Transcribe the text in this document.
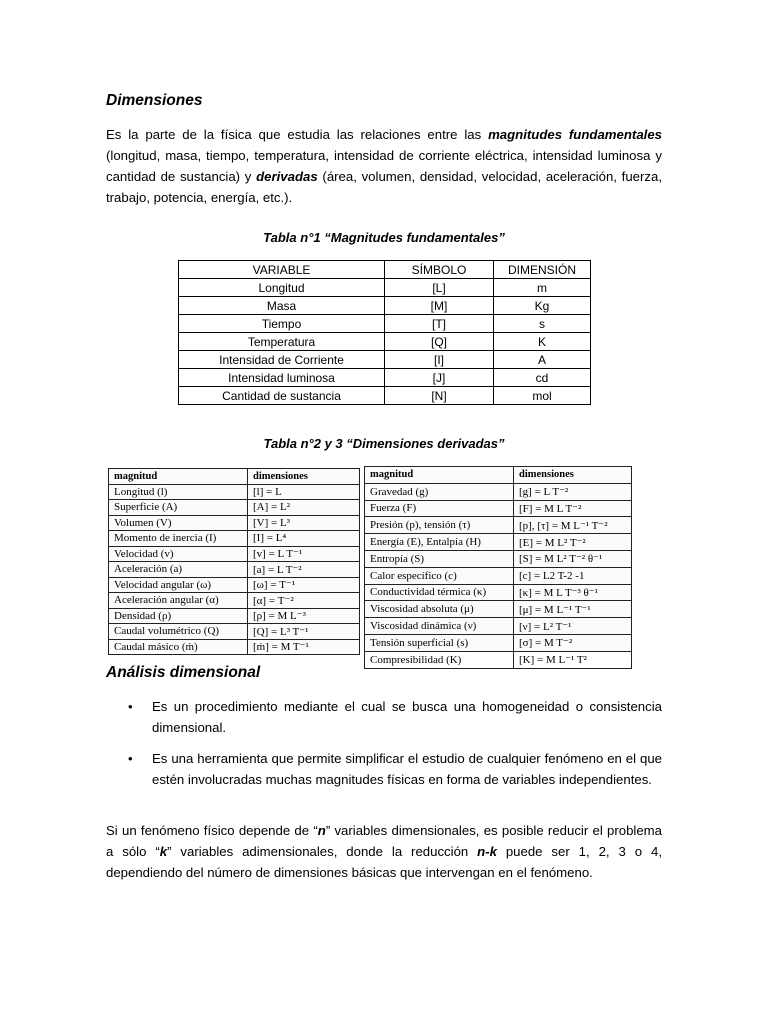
Dimensiones

Es la parte de la física que estudia las relaciones entre las magnitudes fundamentales (longitud, masa, tiempo, temperatura, intensidad de corriente eléctrica, intensidad luminosa y cantidad de sustancia) y derivadas (área, volumen, densidad, velocidad, aceleración, fuerza, trabajo, potencia, energía, etc.).

Tabla n°1 “Magnitudes fundamentales”
VARIABLE	SÍMBOLO	DIMENSIÓN
Longitud	[L]	m
Masa	[M]	Kg
Tiempo	[T]	s
Temperatura	[Q]	K
Intensidad de Corriente	[I]	A
Intensidad luminosa	[J]	cd
Cantidad de sustancia	[N]	mol
Tabla n°2 y 3 “Dimensiones derivadas”
magnitud	dimensiones
Longitud (l)	[l] = L
Superficie (A)	[A] = L²
Volumen (V)	[V] = L³
Momento de inercia (I)	[I] = L⁴
Velocidad (v)	[v] = L T⁻¹
Aceleración (a)	[a] = L T⁻²
Velocidad angular (ω)	[ω] = T⁻¹
Aceleración angular (α)	[α] = T⁻²
Densidad (ρ)	[ρ] = M L⁻³
Caudal volumétrico (Q)	[Q] = L³ T⁻¹
Caudal másico (ṁ)	[ṁ] = M T⁻¹
magnitud	dimensiones
Gravedad (g)	[g] = L T⁻²
Fuerza (F)	[F] = M L T⁻²
Presión (p), tensión (τ)	[p], [τ] = M L⁻¹ T⁻²
Energía (E), Entalpía (H)	[E] = M L² T⁻²
Entropía (S)	[S] = M L² T⁻² θ⁻¹
Calor específico (c)	[c] = L2 T-2 -1
Conductividad térmica (κ)	[κ] = M L T⁻³ θ⁻¹
Viscosidad absoluta (μ)	[μ] = M L⁻¹ T⁻¹
Viscosidad dinámica (ν)	[ν] = L² T⁻¹
Tensión superficial (s)	[σ] = M T⁻²
Compresibilidad (K)	[K] = M L⁻¹ T²
Análisis dimensional
• Es un procedimiento mediante el cual se busca una homogeneidad o consistencia dimensional.
• Es una herramienta que permite simplificar el estudio de cualquier fenómeno en el que estén involucradas muchas magnitudes físicas en forma de variables independientes.

Si un fenómeno físico depende de “n” variables dimensionales, es posible reducir el problema a sólo “k” variables adimensionales, donde la reducción n-k puede ser 1, 2, 3 o 4, dependiendo del número de dimensiones básicas que intervengan en el fenómeno.
